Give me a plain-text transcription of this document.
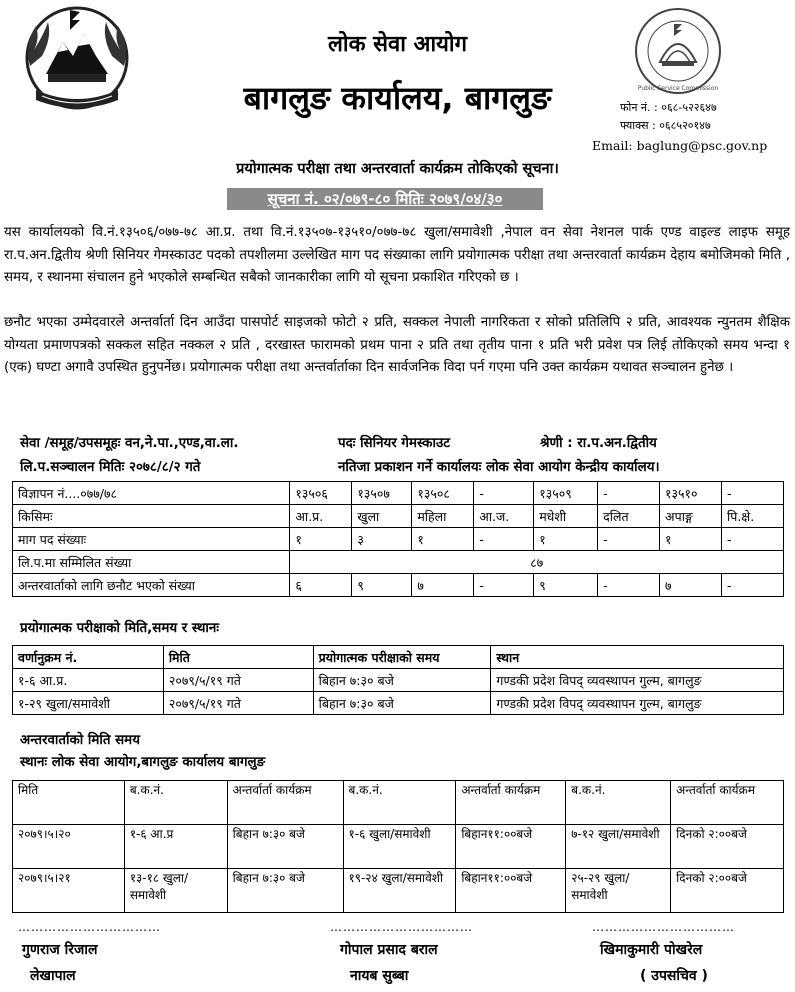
Public Service Commission
लोक सेवा आयोग
बागलुङ कार्यालय, बागलुङ	फोन नं. : ०६८-५२२६४७
फ्याक्स : ०६८५२०१४७
Email: baglung@psc.gov.np
प्रयोगात्मक परीक्षा तथा अन्तरवार्ता कार्यक्रम तोकिएको सूचना।
सूचना नं. ०२/०७९-८० मितिः २०७९/०४/३०
यस कार्यालयको वि.नं.१३५०६/०७७-७८ आ.प्र. तथा वि.नं.१३५०७-१३५१०/०७७-७८ खुला/समावेशी ,नेपाल वन सेवा नेशनल पार्क एण्ड वाइल्ड लाइफ समूह रा.प.अन.द्वितीय श्रेणी सिनियर गेमस्काउट पदको तपशीलमा उल्लेखित माग पद संख्याका लागि प्रयोगात्मक परीक्षा तथा अन्तरवार्ता कार्यक्रम देहाय बमोजिमको मिति , समय, र स्थानमा संचालन हुने भएकोले सम्बन्धित सबैको जानकारीका लागि यो सूचना प्रकाशित गरिएको छ ।
छनौट भएका उम्मेदवारले अन्तर्वार्ता दिन आउँदा पासपोर्ट साइजको फोटो २ प्रति, सक्कल नेपाली नागरिकता र सोको प्रतिलिपि २ प्रति, आवश्यक न्युनतम शैक्षिक योग्यता प्रमाणपत्रको सक्कल सहित नक्कल २ प्रति , दरखास्त फारामको प्रथम पाना २ प्रति तथा तृतीय पाना १ प्रति भरी प्रवेश पत्र लिई तोकिएको समय भन्दा १ (एक) घण्टा अगावै उपस्थित हुनुपर्नेछ। प्रयोगात्मक परीक्षा तथा अन्तर्वार्ताका दिन सार्वजनिक विदा पर्न गएमा पनि उक्त कार्यक्रम यथावत सञ्चालन हुनेछ ।
सेवा /समूह/उपसमूहः वन,ने.पा.,एण्ड,वा.ला.	पदः सिनियर गेमस्काउट	श्रेणी : रा.प.अन.द्वितीय
लि.प.सञ्चालन मितिः २०७८/८/२ गते	नतिजा प्रकाशन गर्ने कार्यालयः लोक सेवा आयोग केन्द्रीय कार्यालय।
विज्ञापन नं....०७७/७८	१३५०६	१३५०७	१३५०८	-	१३५०९	-	१३५१०	-
किसिमः	आ.प्र.	खुला	महिला	आ.ज.	मधेशी	दलित	अपाङ्ग	पि.क्षे.
माग पद संख्याः	१	३	१	-	१	-	१	-
लि.प.मा सम्मिलित संख्या	८७							
अन्तरवार्ताको लागि छनौट भएको संख्या	६	९	७	-	९	-	७	-
प्रयोगात्मक परीक्षाको मिति,समय र स्थानः
वर्णानुक्रम नं.	मिति	प्रयोगात्मक परीक्षाको समय	स्थान
१-६ आ.प्र.	२०७९/५/१९ गते	बिहान ७:३० बजे	गण्डकी प्रदेश विपद् व्यवस्थापन गुल्म, बागलुङ
१-२९ खुला/समावेशी	२०७९/५/१९ गते	बिहान ७:३० बजे	गण्डकी प्रदेश विपद् व्यवस्थापन गुल्म, बागलुङ
अन्तरवार्ताको मिति समय
स्थानः लोक सेवा आयोग,बागलुङ कार्यालय बागलुङ
मिति	ब.क.नं.	अन्तर्वार्ता कार्यक्रम	ब.क.नं.	अन्तर्वार्ता कार्यक्रम	ब.क.नं.	अन्तर्वार्ता कार्यक्रम
२०७९।५।२०	१-६ आ.प्र	बिहान ७:३० बजे	१-६ खुला/समावेशी	बिहान११:००बजे	७-१२ खुला/समावेशी	दिनको २:००बजे
२०७९।५।२१	१३-१८ खुला/समावेशी	बिहान ७:३० बजे	१९-२४ खुला/समावेशी	बिहान११:००बजे	२५-२९ खुला/समावेशी	दिनको २:००बजे
……………………………	……………………………	……………………………
गुणराज रिजाल
लेखापाल
गोपाल प्रसाद बराल
नायब सुब्बा
खिमाकुमारी पोखरेल
( उपसचिव )
